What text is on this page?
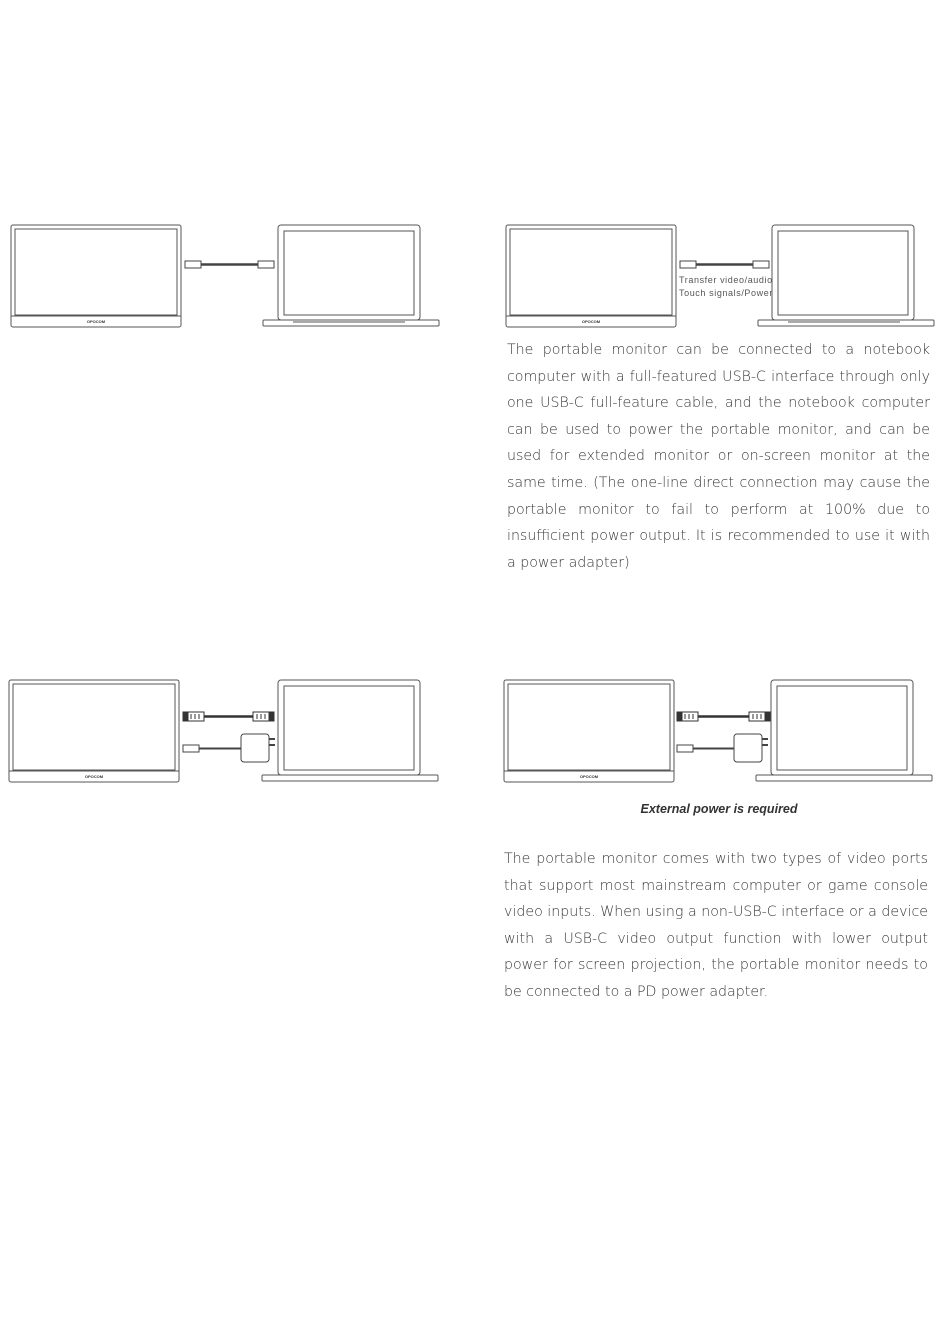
OPOCOM	OPOCOM
Transfer video/audio
Touch signals/Power

The portable monitor can be connected to a notebook computer with a full-featured USB-C interface through only one USB-C full-feature cable, and the notebook computer can be used to power the portable monitor, and can be used for extended monitor or on-screen monitor at the same time. (The one-line direct connection may cause the portable monitor to fail to perform at 100% due to insufficient power output. It is recommended to use it with a power adapter)

OPOCOM	OPOCOM
External power is required

The portable monitor comes with two types of video ports that support most mainstream computer or game console video inputs. When using a non-USB-C interface or a device with a USB-C video output function with lower output power for screen projection, the portable monitor needs to be connected to a PD power adapter.
